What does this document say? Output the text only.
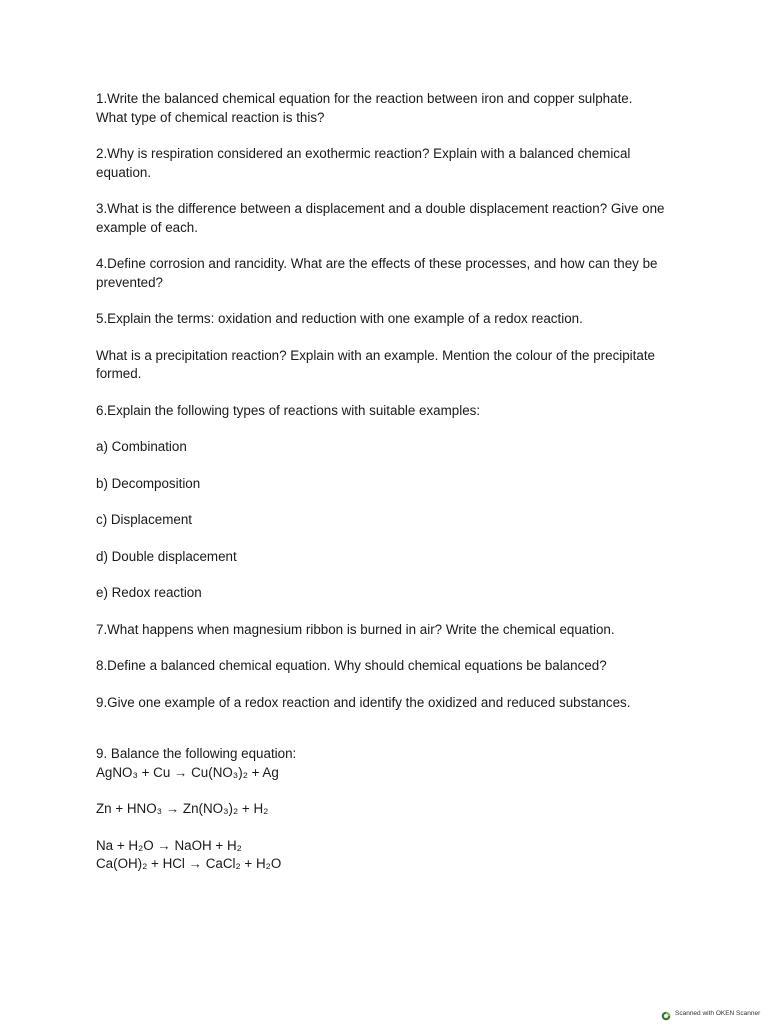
1.Write the balanced chemical equation for the reaction between iron and copper sulphate.
What type of chemical reaction is this?
2.Why is respiration considered an exothermic reaction? Explain with a balanced chemical
equation.
3.What is the difference between a displacement and a double displacement reaction? Give one
example of each.
4.Define corrosion and rancidity. What are the effects of these processes, and how can they be
prevented?
5.Explain the terms: oxidation and reduction with one example of a redox reaction.
What is a precipitation reaction? Explain with an example. Mention the colour of the precipitate
formed.
6.Explain the following types of reactions with suitable examples:
a) Combination
b) Decomposition
c) Displacement
d) Double displacement
e) Redox reaction
7.What happens when magnesium ribbon is burned in air? Write the chemical equation.
8.Define a balanced chemical equation. Why should chemical equations be balanced?
9.Give one example of a redox reaction and identify the oxidized and reduced substances.
9. Balance the following equation:
AgNO₃ + Cu → Cu(NO₃)₂ + Ag
Zn + HNO₃ → Zn(NO₃)₂ + H₂
Na + H₂O → NaOH + H₂
Ca(OH)₂ + HCl → CaCl₂ + H₂O
Scanned with OKEN Scanner
